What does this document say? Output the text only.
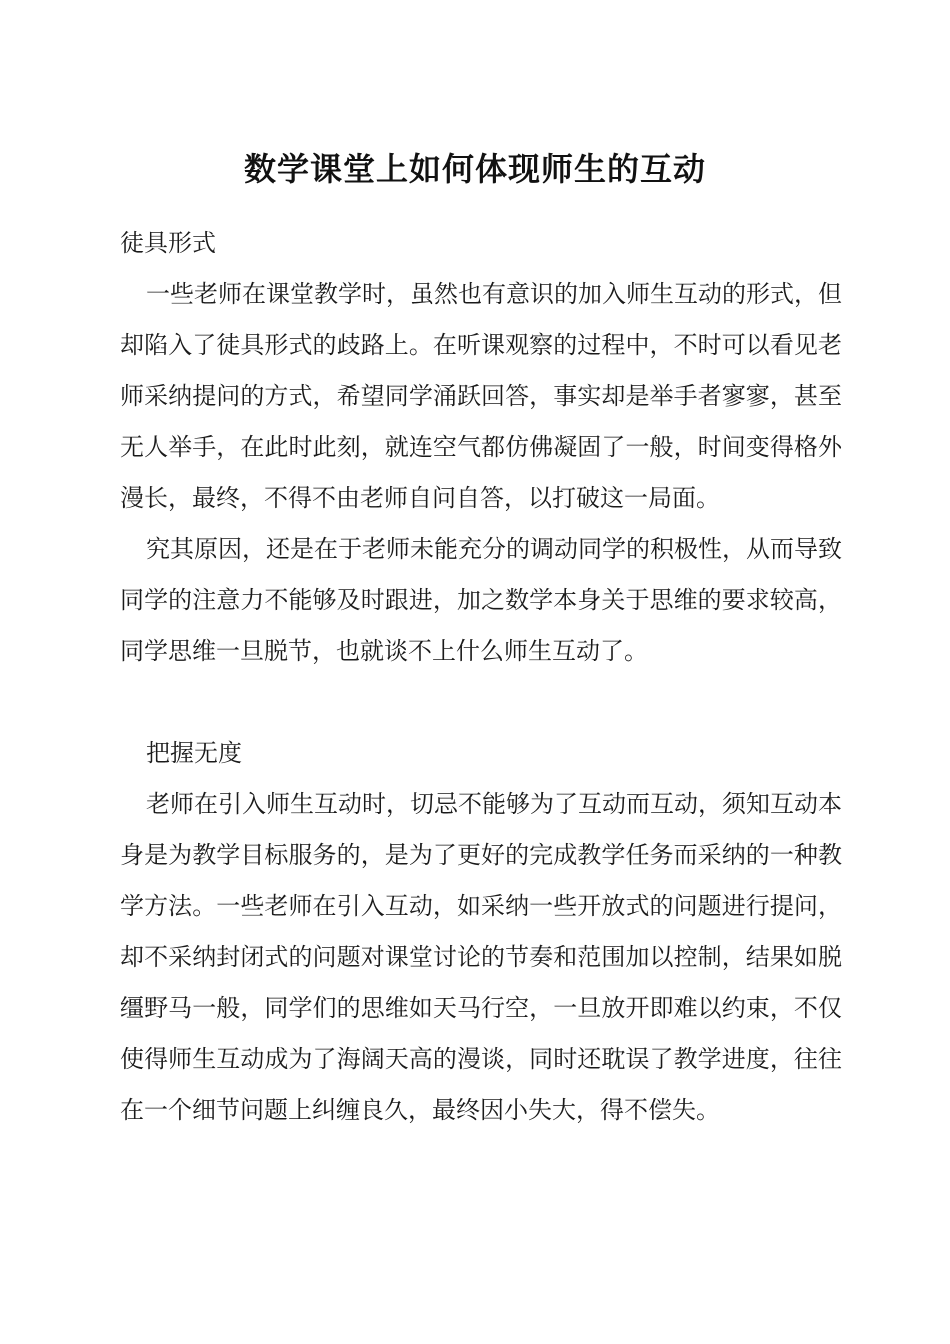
数学课堂上如何体现师生的互动

徒具形式

一些老师在课堂教学时，虽然也有意识的加入师生互动的形式，但却陷入了徒具形式的歧路上。在听课观察的过程中，不时可以看见老师采纳提问的方式，希望同学涌跃回答，事实却是举手者寥寥，甚至无人举手，在此时此刻，就连空气都仿佛凝固了一般，时间变得格外漫长，最终，不得不由老师自问自答，以打破这一局面。

究其原因，还是在于老师未能充分的调动同学的积极性，从而导致同学的注意力不能够及时跟进，加之数学本身关于思维的要求较高，同学思维一旦脱节，也就谈不上什么师生互动了。

把握无度

老师在引入师生互动时，切忌不能够为了互动而互动，须知互动本身是为教学目标服务的，是为了更好的完成教学任务而采纳的一种教学方法。一些老师在引入互动，如采纳一些开放式的问题进行提问，却不采纳封闭式的问题对课堂讨论的节奏和范围加以控制，结果如脱缰野马一般，同学们的思维如天马行空，一旦放开即难以约束，不仅使得师生互动成为了海阔天高的漫谈，同时还耽误了教学进度，往往在一个细节问题上纠缠良久，最终因小失大，得不偿失。
